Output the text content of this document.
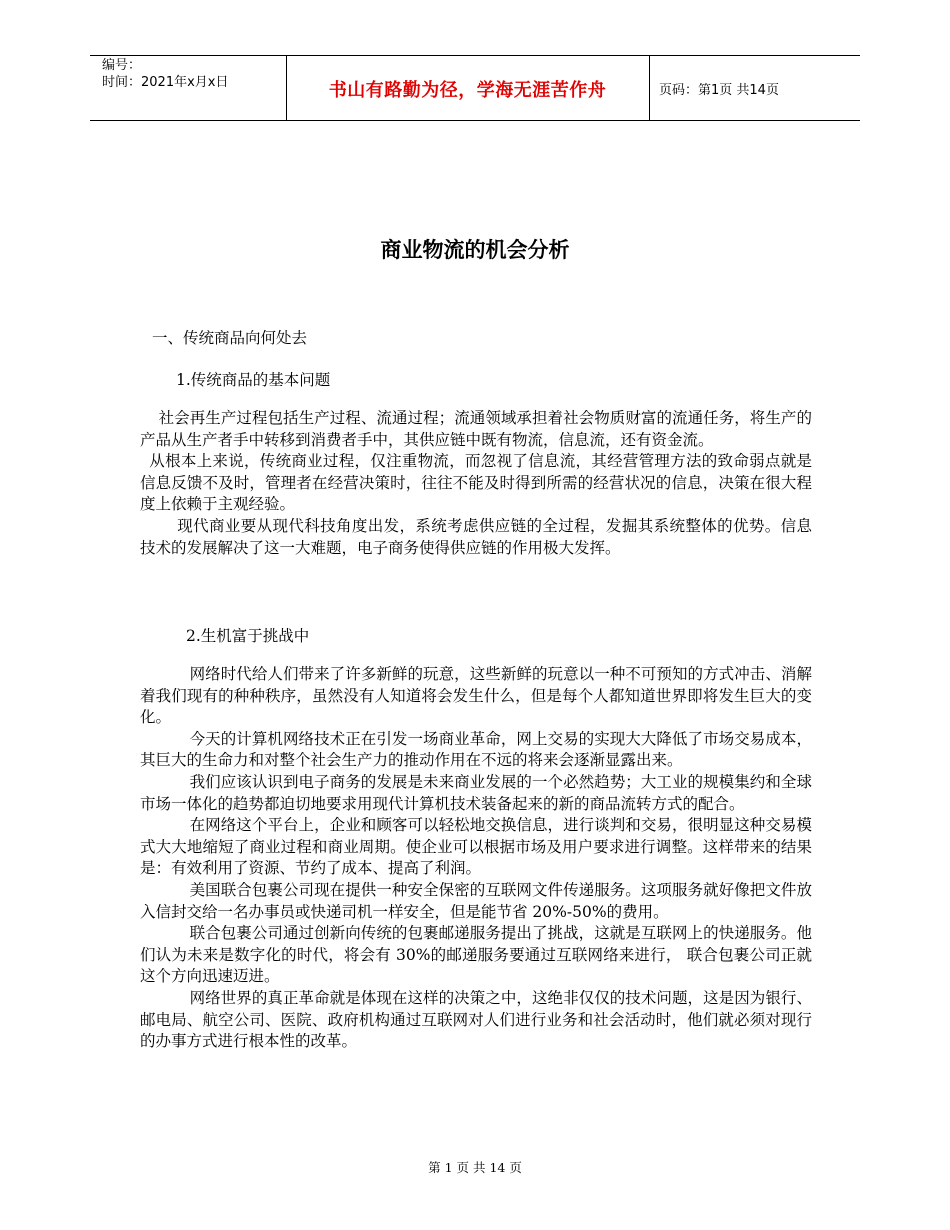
编号：
时间：2021年x月x日	书山有路勤为径，学海无涯苦作舟	页码：第1页 共14页
商业物流的机会分析
一、传统商品向何处去
1.传统商品的基本问题

社会再生产过程包括生产过程、流通过程；流通领域承担着社会物质财富的流通任务，将生产的产品从生产者手中转移到消费者手中，其供应链中既有物流，信息流，还有资金流。

从根本上来说，传统商业过程，仅注重物流，而忽视了信息流，其经营管理方法的致命弱点就是信息反馈不及时，管理者在经营决策时，往往不能及时得到所需的经营状况的信息，决策在很大程度上依赖于主观经验。

现代商业要从现代科技角度出发，系统考虑供应链的全过程，发掘其系统整体的优势。信息技术的发展解决了这一大难题，电子商务使得供应链的作用极大发挥。

2.生机富于挑战中

网络时代给人们带来了许多新鲜的玩意，这些新鲜的玩意以一种不可预知的方式冲击、消解着我们现有的种种秩序，虽然没有人知道将会发生什么，但是每个人都知道世界即将发生巨大的变化。

今天的计算机网络技术正在引发一场商业革命，网上交易的实现大大降低了市场交易成本，其巨大的生命力和对整个社会生产力的推动作用在不远的将来会逐渐显露出来。

我们应该认识到电子商务的发展是未来商业发展的一个必然趋势；大工业的规模集约和全球市场一体化的趋势都迫切地要求用现代计算机技术装备起来的新的商品流转方式的配合。

在网络这个平台上，企业和顾客可以轻松地交换信息，进行谈判和交易，很明显这种交易模式大大地缩短了商业过程和商业周期。使企业可以根据市场及用户要求进行调整。这样带来的结果是：有效利用了资源、节约了成本、提高了利润。

美国联合包裹公司现在提供一种安全保密的互联网文件传递服务。这项服务就好像把文件放入信封交给一名办事员或快递司机一样安全，但是能节省 20%-50%的费用。

联合包裹公司通过创新向传统的包裹邮递服务提出了挑战，这就是互联网上的快递服务。他们认为未来是数字化的时代，将会有 30%的邮递服务要通过互联网络来进行， 联合包裹公司正就这个方向迅速迈进。

网络世界的真正革命就是体现在这样的决策之中，这绝非仅仅的技术问题，这是因为银行、邮电局、航空公司、医院、政府机构通过互联网对人们进行业务和社会活动时，他们就必须对现行的办事方式进行根本性的改革。

第 1 页 共 14 页
